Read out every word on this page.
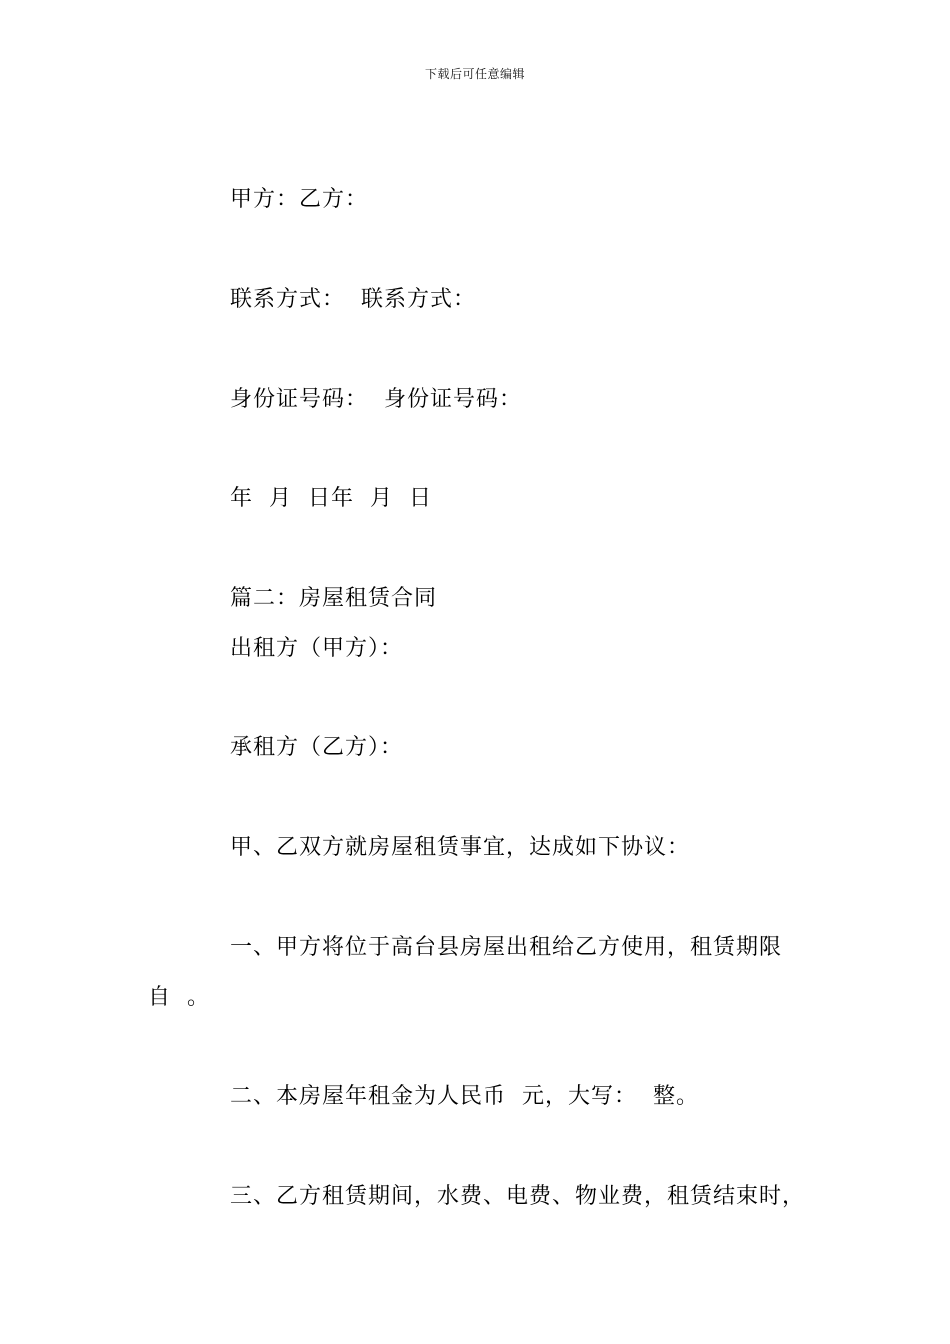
下载后可任意编辑
甲方：乙方：
联系方式：  联系方式：
身份证号码：  身份证号码：
年  月  日年  月  日
篇二：房屋租赁合同
出租方（甲方）：
承租方（乙方）：
甲、乙双方就房屋租赁事宜，达成如下协议：
一、甲方将位于高台县房屋出租给乙方使用，租赁期限
自  。
二、本房屋年租金为人民币  元，大写：  整。
三、乙方租赁期间，水费、电费、物业费，租赁结束时，
